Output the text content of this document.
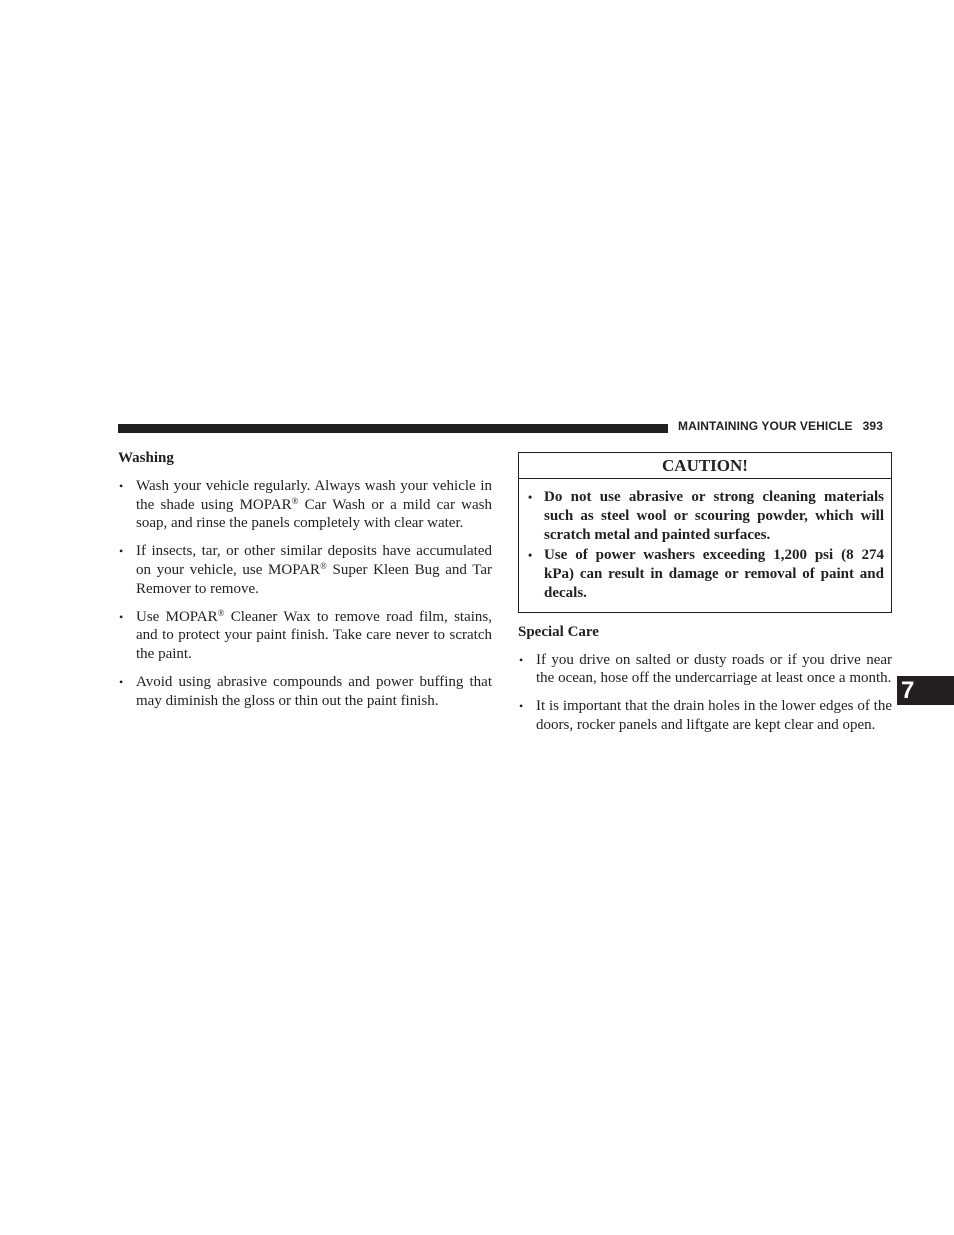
MAINTAINING YOUR VEHICLE 393
Washing
• Wash your vehicle regularly. Always wash your vehicle in the shade using MOPAR® Car Wash or a mild car wash soap, and rinse the panels completely with clear water.
• If insects, tar, or other similar deposits have accumulated on your vehicle, use MOPAR® Super Kleen Bug and Tar Remover to remove.
• Use MOPAR® Cleaner Wax to remove road film, stains, and to protect your paint finish. Take care never to scratch the paint.
• Avoid using abrasive compounds and power buffing that may diminish the gloss or thin out the paint finish.
CAUTION!
• Do not use abrasive or strong cleaning materials such as steel wool or scouring powder, which will scratch metal and painted surfaces.
• Use of power washers exceeding 1,200 psi (8 274 kPa) can result in damage or removal of paint and decals.
Special Care
• If you drive on salted or dusty roads or if you drive near the ocean, hose off the undercarriage at least once a month.
• It is important that the drain holes in the lower edges of the doors, rocker panels and liftgate are kept clear and open.
7
